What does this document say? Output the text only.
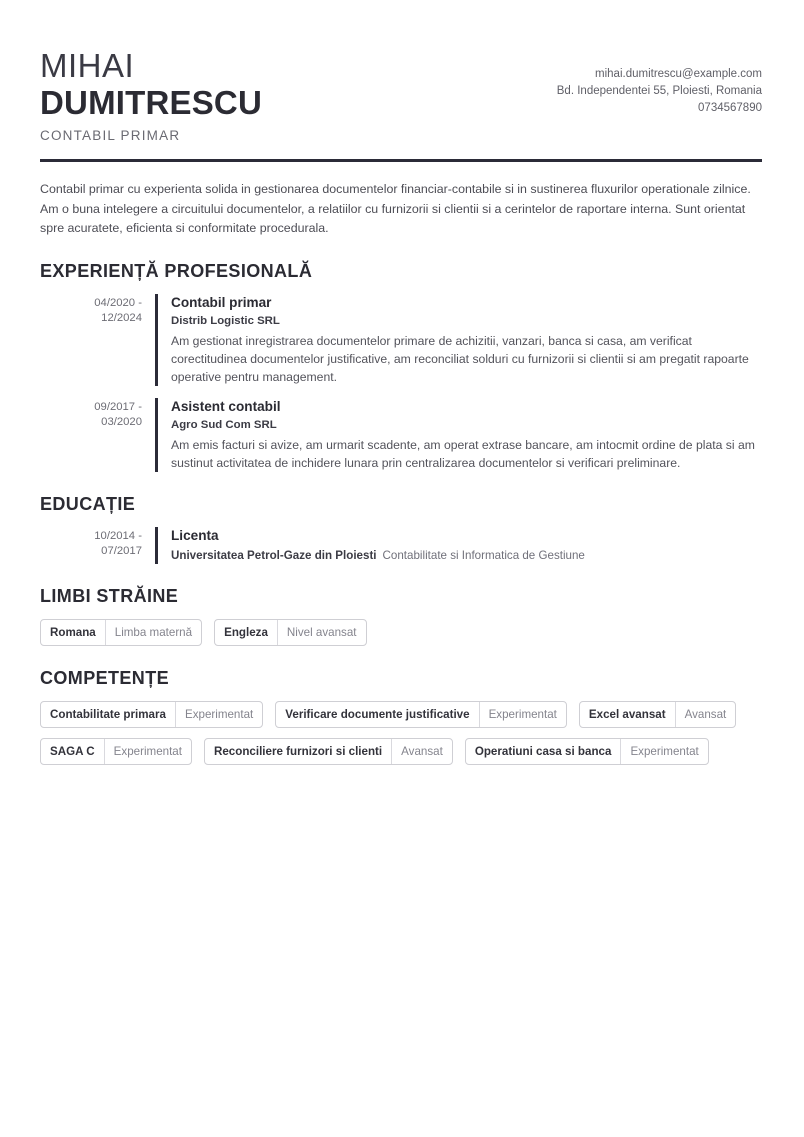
MIHAI
DUMITRESCU
CONTABIL PRIMAR
mihai.dumitrescu@example.com
Bd. Independentei 55, Ploiesti, Romania
0734567890
Contabil primar cu experienta solida in gestionarea documentelor financiar-contabile si in sustinerea fluxurilor operationale zilnice. Am o buna intelegere a circuitului documentelor, a relatiilor cu furnizorii si clientii si a cerintelor de raportare interna. Sunt orientat spre acuratete, eficienta si conformitate procedurala.
EXPERIENȚĂ PROFESIONALĂ
04/2020 -
12/2024
Contabil primar
Distrib Logistic SRL
Am gestionat inregistrarea documentelor primare de achizitii, vanzari, banca si casa, am verificat corectitudinea documentelor justificative, am reconciliat solduri cu furnizorii si clientii si am pregatit rapoarte operative pentru management.
09/2017 -
03/2020
Asistent contabil
Agro Sud Com SRL
Am emis facturi si avize, am urmarit scadente, am operat extrase bancare, am intocmit ordine de plata si am sustinut activitatea de inchidere lunara prin centralizarea documentelor si verificari preliminare.
EDUCAȚIE
10/2014 -
07/2017
Licenta
Universitatea Petrol-Gaze din Ploiesti Contabilitate si Informatica de Gestiune
LIMBI STRĂINE
Romana	Limba maternă	Engleza	Nivel avansat
COMPETENȚE
Contabilitate primara	Experimentat	Verificare documente justificative	Experimentat	Excel avansat	Avansat
SAGA C	Experimentat	Reconciliere furnizori si clienti	Avansat	Operatiuni casa si banca	Experimentat
